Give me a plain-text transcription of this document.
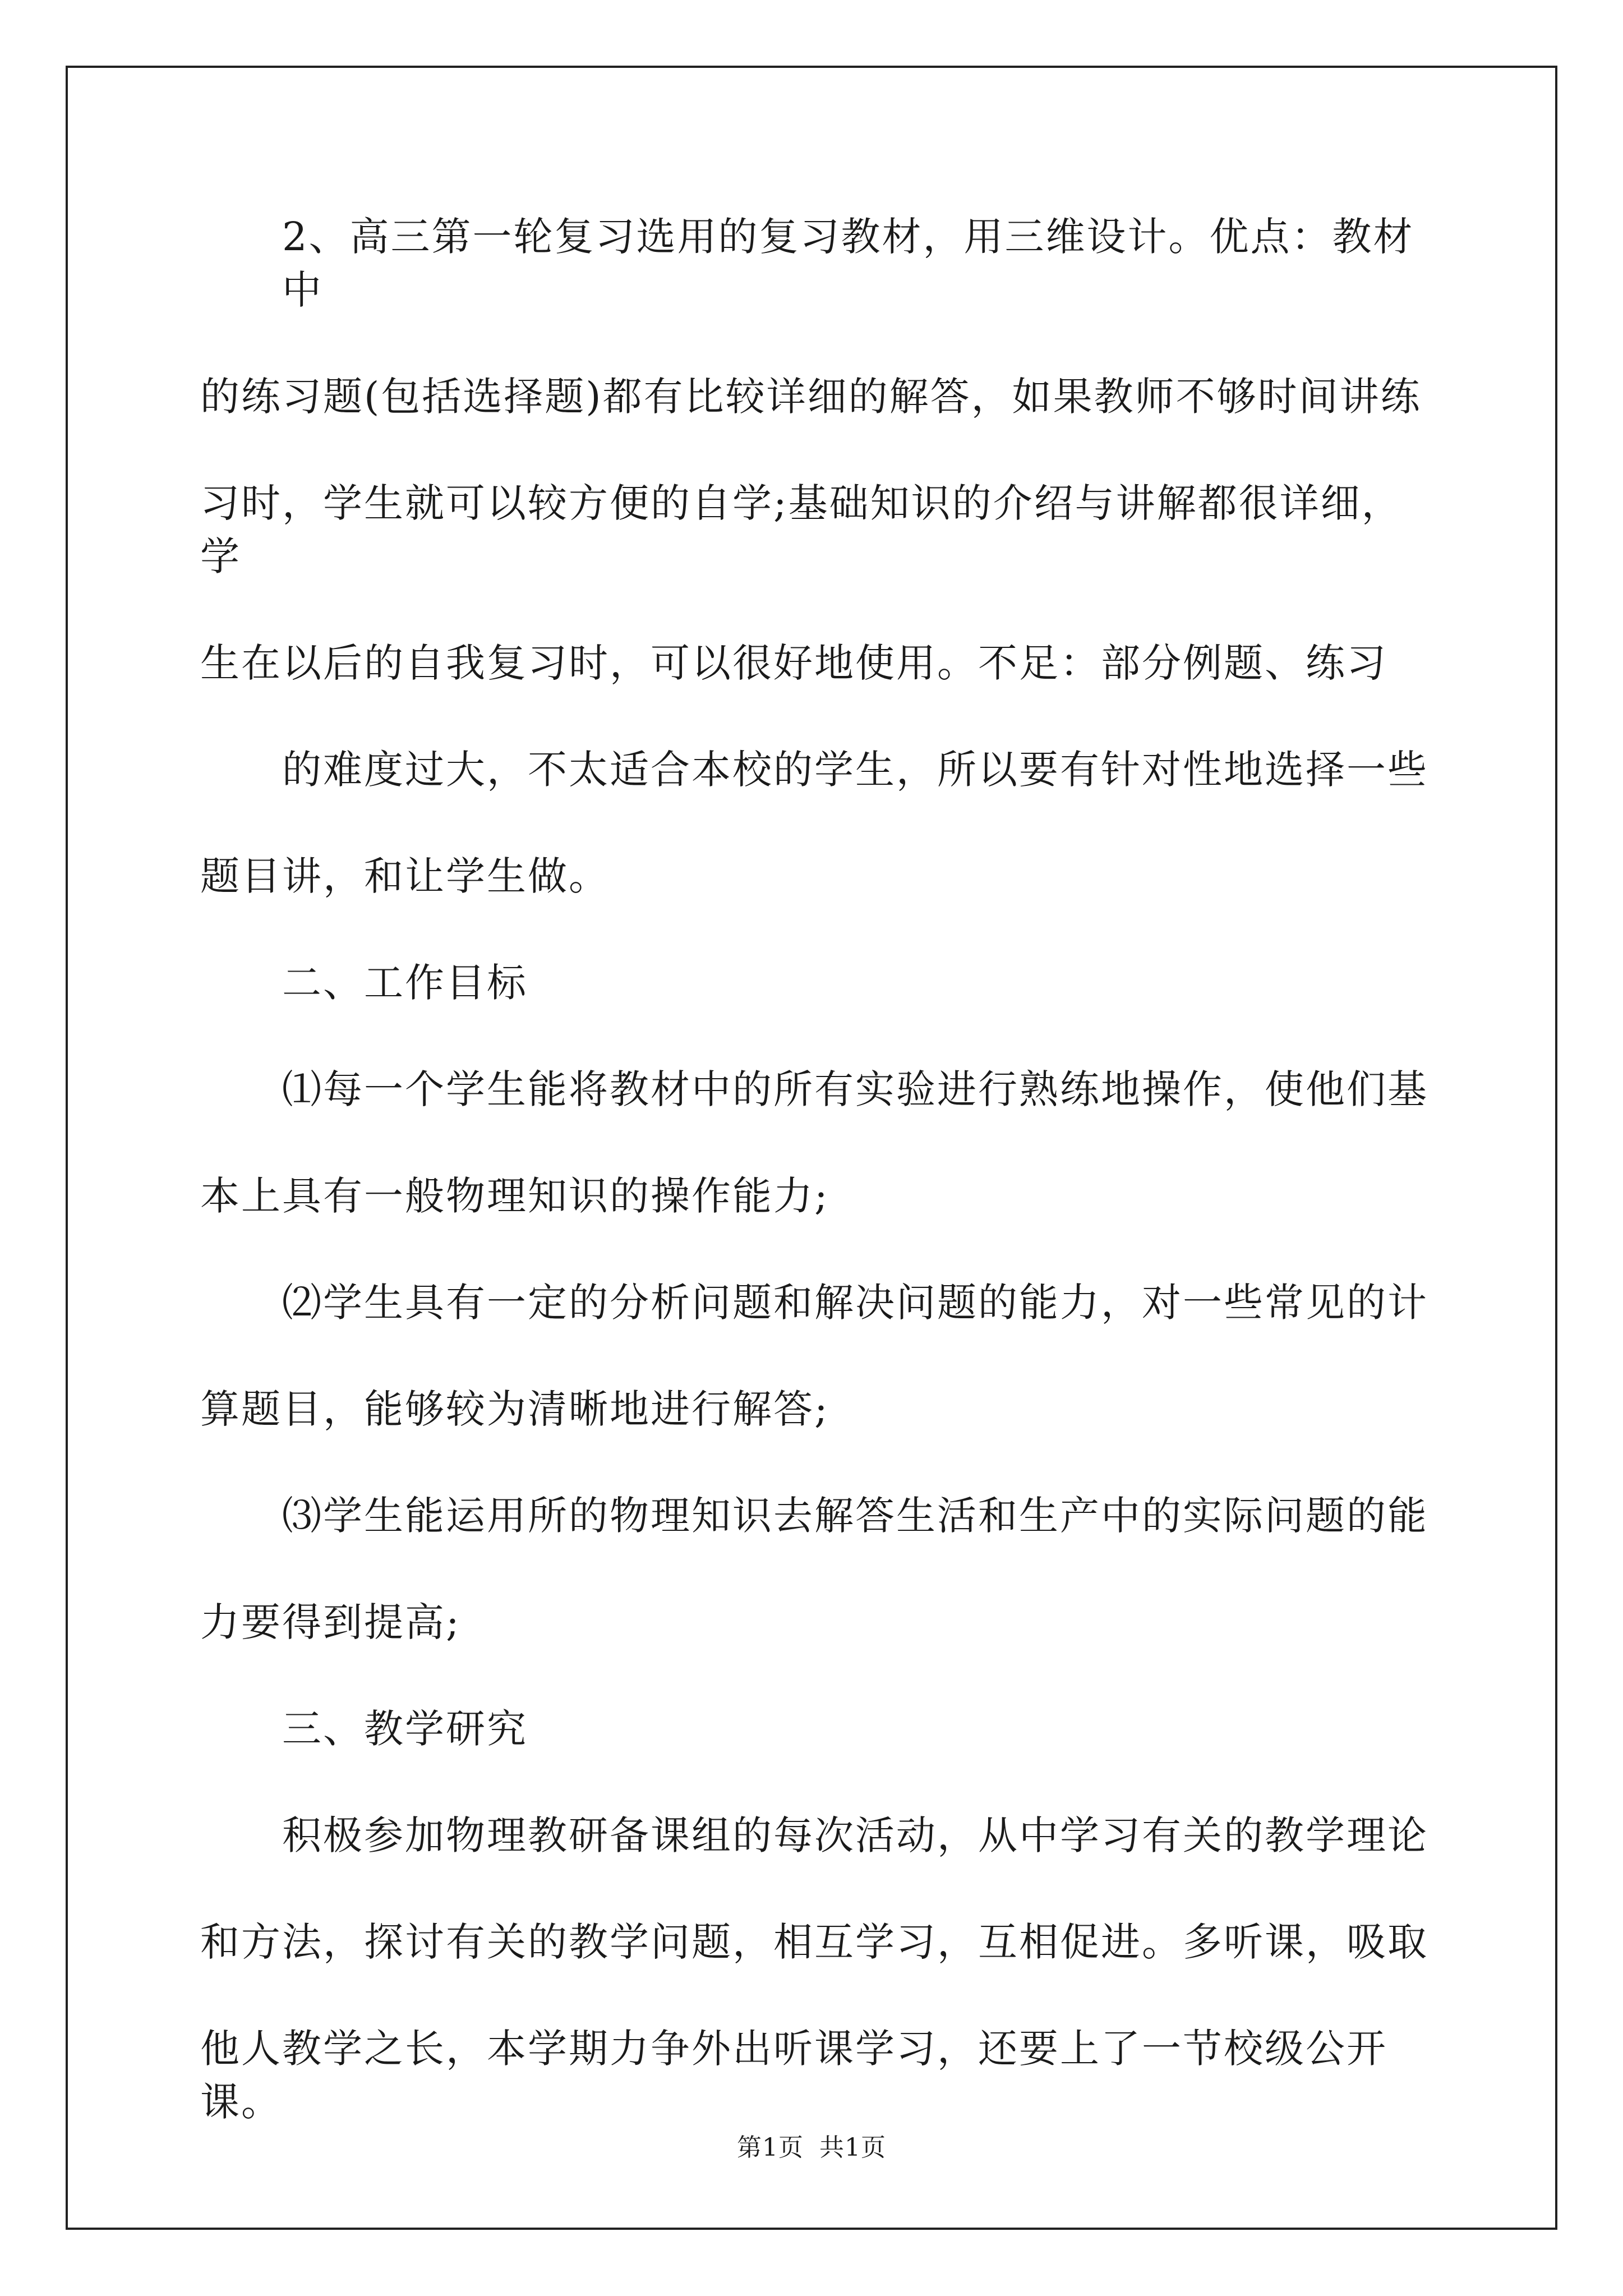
2、高三第一轮复习选用的复习教材，用三维设计。优点：教材中
的练习题(包括选择题)都有比较详细的解答，如果教师不够时间讲练
习时，学生就可以较方便的自学;基础知识的介绍与讲解都很详细，学
生在以后的自我复习时，可以很好地使用。不足：部分例题、练习
的难度过大，不太适合本校的学生，所以要有针对性地选择一些
题目讲，和让学生做。
二、工作目标
⑴每一个学生能将教材中的所有实验进行熟练地操作，使他们基
本上具有一般物理知识的操作能力;
⑵学生具有一定的分析问题和解决问题的能力，对一些常见的计
算题目，能够较为清晰地进行解答;
⑶学生能运用所的物理知识去解答生活和生产中的实际问题的能
力要得到提高;
三、教学研究
积极参加物理教研备课组的每次活动，从中学习有关的教学理论
和方法，探讨有关的教学问题，相互学习，互相促进。多听课，吸取
他人教学之长，本学期力争外出听课学习，还要上了一节校级公开课。
第1页 共1页
